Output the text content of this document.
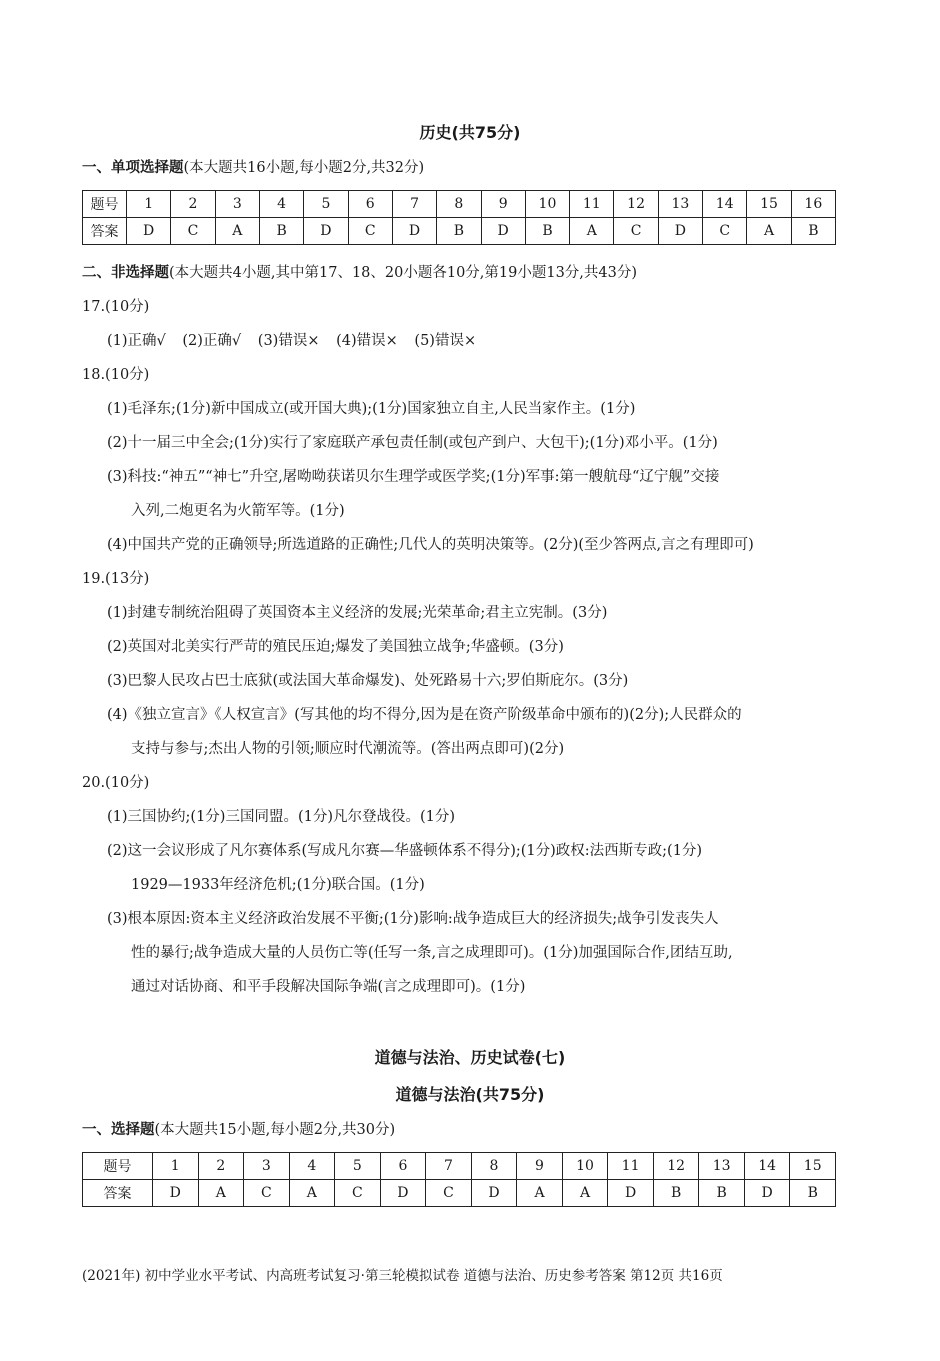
历史(共75分)
一、单项选择题(本大题共16小题,每小题2分,共32分)
题号	1	2	3	4	5	6	7	8	9	10	11	12	13	14	15	16
答案	D	C	A	B	D	C	D	B	D	B	A	C	D	C	A	B
二、非选择题(本大题共4小题,其中第17、18、20小题各10分,第19小题13分,共43分)
17.(10分)
(1)正确√ (2)正确√ (3)错误× (4)错误× (5)错误×
18.(10分)
(1)毛泽东;(1分)新中国成立(或开国大典);(1分)国家独立自主,人民当家作主。(1分)
(2)十一届三中全会;(1分)实行了家庭联产承包责任制(或包产到户、大包干);(1分)邓小平。(1分)
(3)科技:“神五”“神七”升空,屠呦呦获诺贝尔生理学或医学奖;(1分)军事:第一艘航母“辽宁舰”交接
入列,二炮更名为火箭军等。(1分)
(4)中国共产党的正确领导;所选道路的正确性;几代人的英明决策等。(2分)(至少答两点,言之有理即可)
19.(13分)
(1)封建专制统治阻碍了英国资本主义经济的发展;光荣革命;君主立宪制。(3分)
(2)英国对北美实行严苛的殖民压迫;爆发了美国独立战争;华盛顿。(3分)
(3)巴黎人民攻占巴士底狱(或法国大革命爆发)、处死路易十六;罗伯斯庇尔。(3分)
(4)《独立宣言》《人权宣言》(写其他的均不得分,因为是在资产阶级革命中颁布的)(2分);人民群众的
支持与参与;杰出人物的引领;顺应时代潮流等。(答出两点即可)(2分)
20.(10分)
(1)三国协约;(1分)三国同盟。(1分)凡尔登战役。(1分)
(2)这一会议形成了凡尔赛体系(写成凡尔赛—华盛顿体系不得分);(1分)政权:法西斯专政;(1分)
1929—1933年经济危机;(1分)联合国。(1分)
(3)根本原因:资本主义经济政治发展不平衡;(1分)影响:战争造成巨大的经济损失;战争引发丧失人
性的暴行;战争造成大量的人员伤亡等(任写一条,言之成理即可)。(1分)加强国际合作,团结互助,
通过对话协商、和平手段解决国际争端(言之成理即可)。(1分)
道德与法治、历史试卷(七)
道德与法治(共75分)
一、选择题(本大题共15小题,每小题2分,共30分)
题号	1	2	3	4	5	6	7	8	9	10	11	12	13	14	15
答案	D	A	C	A	C	D	C	D	A	A	D	B	B	D	B
(2021年) 初中学业水平考试、内高班考试复习·第三轮模拟试卷 道德与法治、历史参考答案 第12页 共16页
